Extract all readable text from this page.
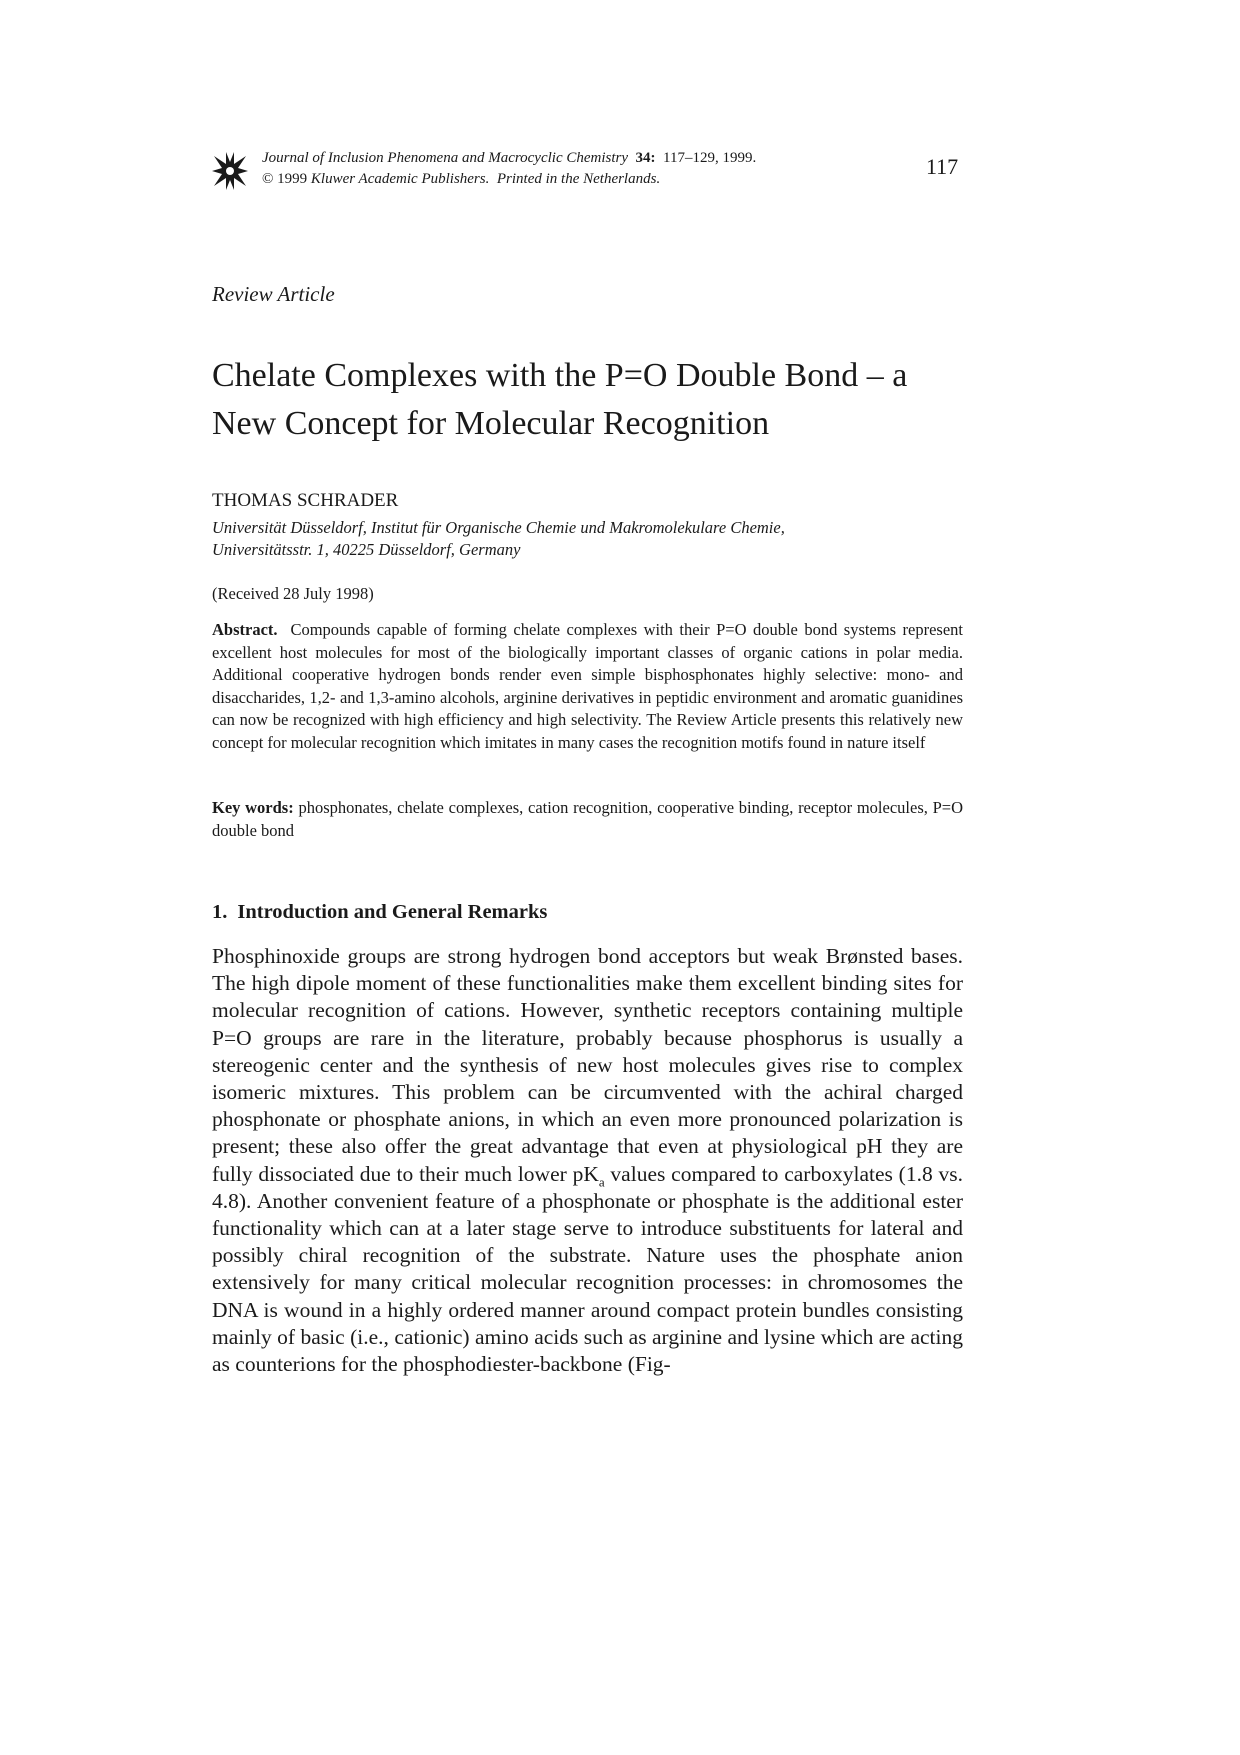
Journal of Inclusion Phenomena and Macrocyclic Chemistry 34: 117–129, 1999.
© 1999 Kluwer Academic Publishers. Printed in the Netherlands.	117
Review Article
Chelate Complexes with the P=O Double Bond – a
New Concept for Molecular Recognition
THOMAS SCHRADER
Universität Düsseldorf, Institut für Organische Chemie und Makromolekulare Chemie,
Universitätsstr. 1, 40225 Düsseldorf, Germany
(Received 28 July 1998)

Abstract. Compounds capable of forming chelate complexes with their P=O double bond systems represent excellent host molecules for most of the biologically important classes of organic cations in polar media. Additional cooperative hydrogen bonds render even simple bisphosphonates highly selective: mono- and disaccharides, 1,2- and 1,3-amino alcohols, arginine derivatives in peptidic environment and aromatic guanidines can now be recognized with high efficiency and high selectivity. The Review Article presents this relatively new concept for molecular recognition which imitates in many cases the recognition motifs found in nature itself

Key words: phosphonates, chelate complexes, cation recognition, cooperative binding, receptor molecules, P=O double bond

1. Introduction and General Remarks

Phosphinoxide groups are strong hydrogen bond acceptors but weak Brønsted bases. The high dipole moment of these functionalities make them excellent binding sites for molecular recognition of cations. However, synthetic receptors containing multiple P=O groups are rare in the literature, probably because phosphorus is usually a stereogenic center and the synthesis of new host molecules gives rise to complex isomeric mixtures. This problem can be circumvented with the achiral charged phosphonate or phosphate anions, in which an even more pronounced polarization is present; these also offer the great advantage that even at physiological pH they are fully dissociated due to their much lower $pK_a$ values compared to carboxylates (1.8 vs. 4.8). Another convenient feature of a phosphonate or phosphate is the additional ester functionality which can at a later stage serve to introduce substituents for lateral and possibly chiral recognition of the substrate. Nature uses the phosphate anion extensively for many critical molecular recognition processes: in chromosomes the DNA is wound in a highly ordered manner around compact protein bundles consisting mainly of basic (i.e., cationic) amino acids such as arginine and lysine which are acting as counterions for the phosphodiester-backbone (Fig-
